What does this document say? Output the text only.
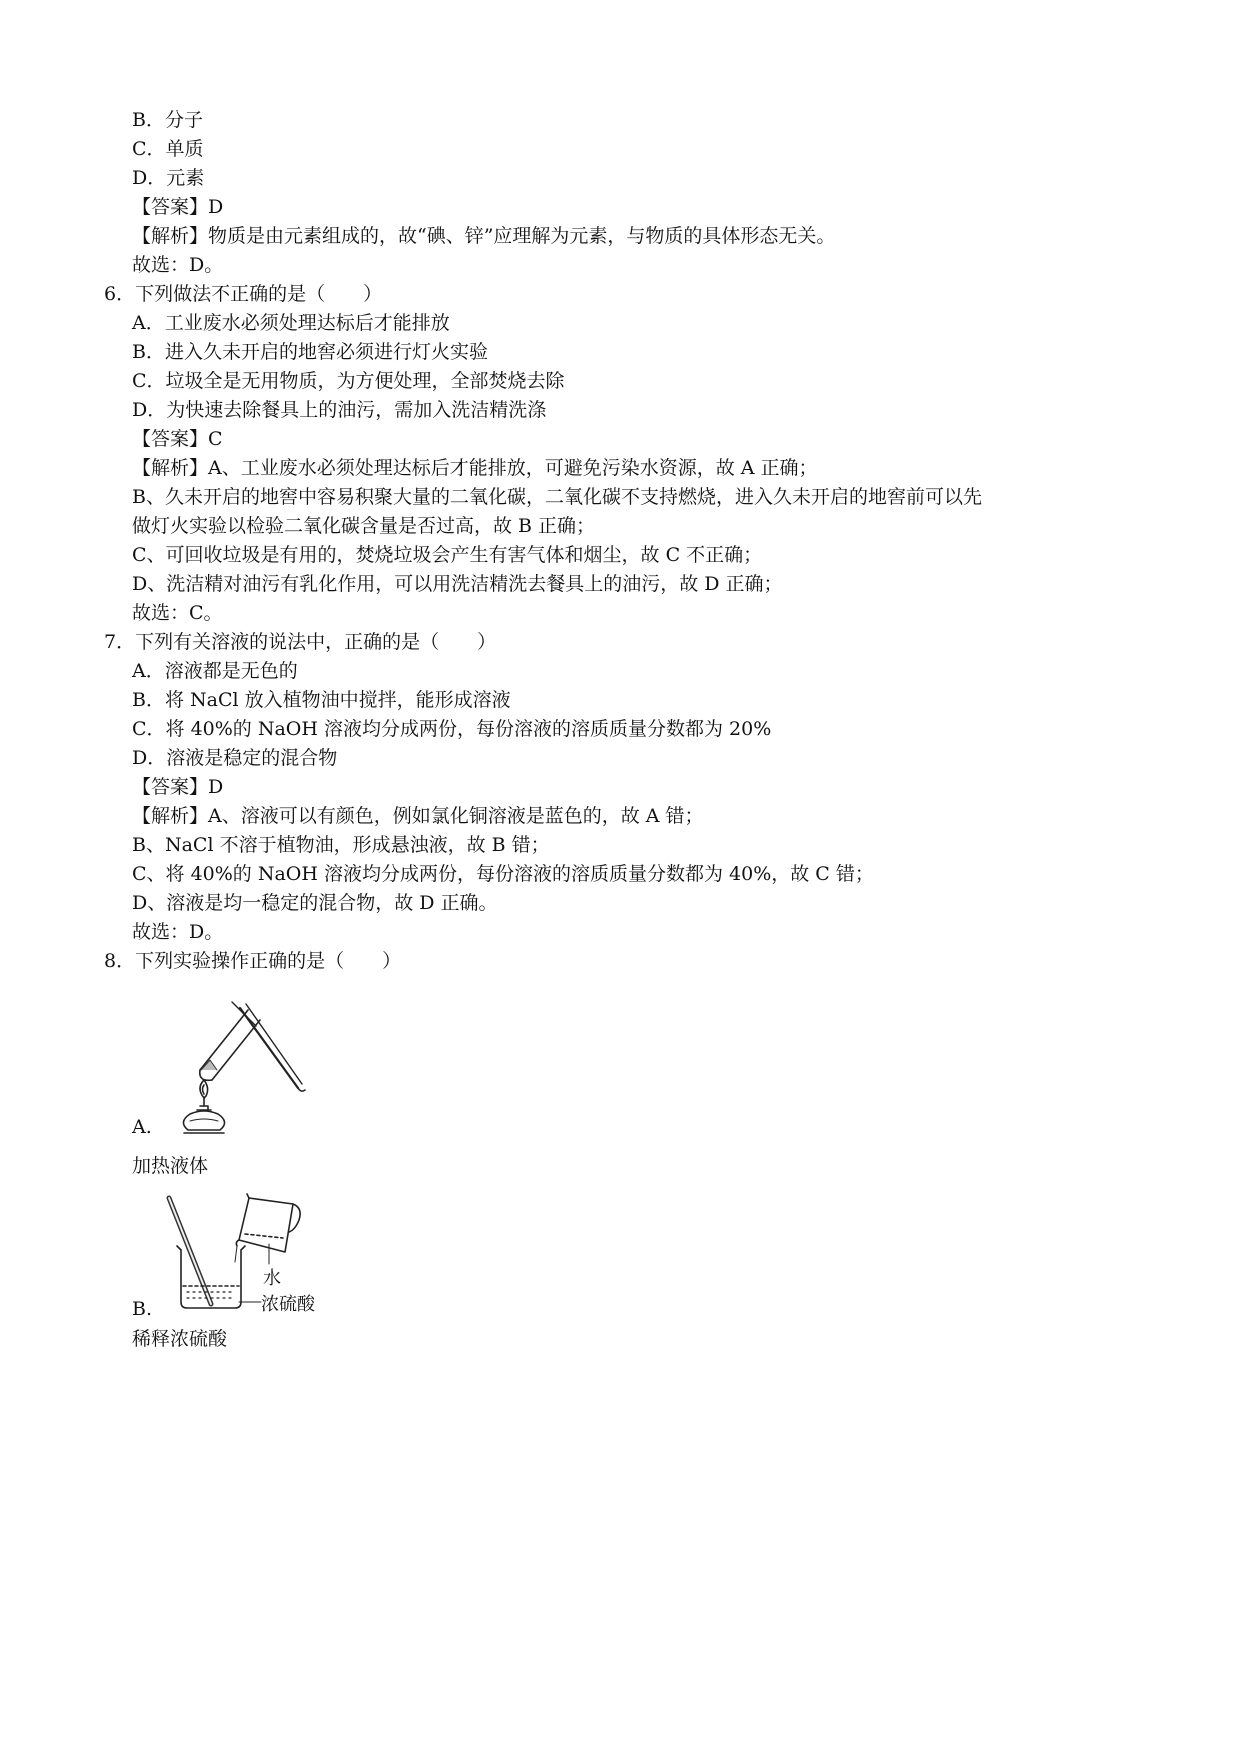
B．分子
C．单质
D．元素
【答案】D
【解析】物质是由元素组成的，故“碘、锌”应理解为元素，与物质的具体形态无关。
故选：D。
6．下列做法不正确的是（　　）
A．工业废水必须处理达标后才能排放
B．进入久未开启的地窖必须进行灯火实验
C．垃圾全是无用物质，为方便处理，全部焚烧去除
D．为快速去除餐具上的油污，需加入洗洁精洗涤
【答案】C
【解析】A、工业废水必须处理达标后才能排放，可避免污染水资源，故 A 正确；
B、久未开启的地窖中容易积聚大量的二氧化碳，二氧化碳不支持燃烧，进入久未开启的地窖前可以先
做灯火实验以检验二氧化碳含量是否过高，故 B 正确；
C、可回收垃圾是有用的，焚烧垃圾会产生有害气体和烟尘，故 C 不正确；
D、洗洁精对油污有乳化作用，可以用洗洁精洗去餐具上的油污，故 D 正确；
故选：C。
7．下列有关溶液的说法中，正确的是（　　）
A．溶液都是无色的
B．将 NaCl 放入植物油中搅拌，能形成溶液
C．将 40%的 NaOH 溶液均分成两份，每份溶液的溶质质量分数都为 20%
D．溶液是稳定的混合物
【答案】D
【解析】A、溶液可以有颜色，例如氯化铜溶液是蓝色的，故 A 错；
B、NaCl 不溶于植物油，形成悬浊液，故 B 错；
C、将 40%的 NaOH 溶液均分成两份，每份溶液的溶质质量分数都为 40%，故 C 错；
D、溶液是均一稳定的混合物，故 D 正确。
故选：D。
8．下列实验操作正确的是（　　）
A.
加热液体
水
浓硫酸
B.
稀释浓硫酸
